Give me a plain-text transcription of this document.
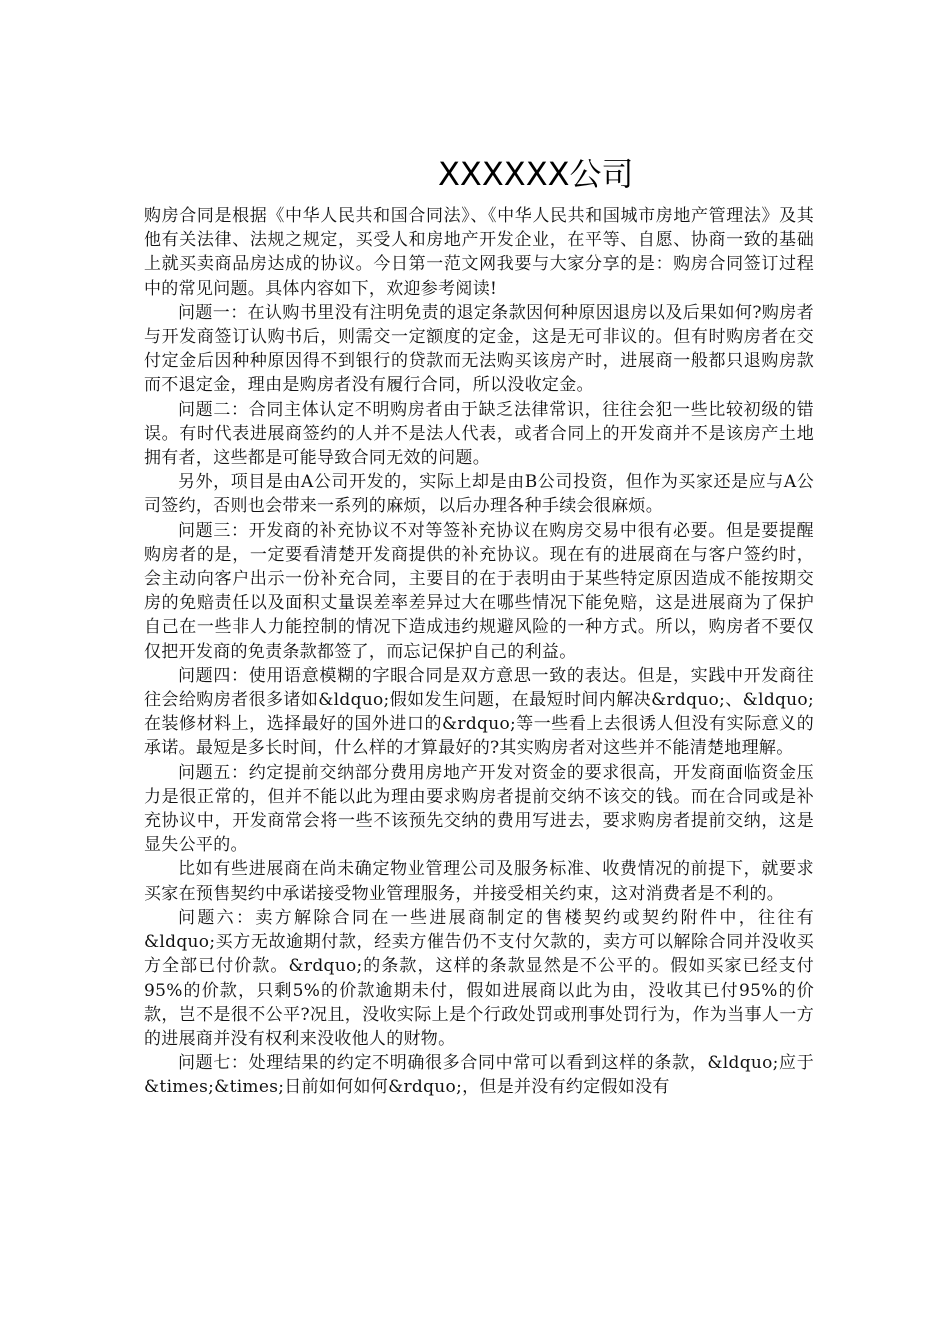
XXXXXX公司

购房合同是根据《中华人民共和国合同法》、《中华人民共和国城市房地产管理法》及其他有关法律、法规之规定，买受人和房地产开发企业，在平等、自愿、协商一致的基础上就买卖商品房达成的协议。今日第一范文网我要与大家分享的是：购房合同签订过程中的常见问题。具体内容如下，欢迎参考阅读!

问题一：在认购书里没有注明免责的退定条款因何种原因退房以及后果如何?购房者与开发商签订认购书后，则需交一定额度的定金，这是无可非议的。但有时购房者在交付定金后因种种原因得不到银行的贷款而无法购买该房产时，进展商一般都只退购房款而不退定金，理由是购房者没有履行合同，所以没收定金。

问题二：合同主体认定不明购房者由于缺乏法律常识，往往会犯一些比较初级的错误。有时代表进展商签约的人并不是法人代表，或者合同上的开发商并不是该房产土地拥有者，这些都是可能导致合同无效的问题。

另外，项目是由A公司开发的，实际上却是由B公司投资，但作为买家还是应与A公司签约，否则也会带来一系列的麻烦，以后办理各种手续会很麻烦。

问题三：开发商的补充协议不对等签补充协议在购房交易中很有必要。但是要提醒购房者的是，一定要看清楚开发商提供的补充协议。现在有的进展商在与客户签约时，会主动向客户出示一份补充合同，主要目的在于表明由于某些特定原因造成不能按期交房的免赔责任以及面积丈量误差率差异过大在哪些情况下能免赔，这是进展商为了保护自己在一些非人力能控制的情况下造成违约规避风险的一种方式。所以，购房者不要仅仅把开发商的免责条款都签了，而忘记保护自己的利益。

问题四：使用语意模糊的字眼合同是双方意思一致的表达。但是，实践中开发商往往会给购房者很多诸如&ldquo;假如发生问题，在最短时间内解决&rdquo;、&ldquo;在装修材料上，选择最好的国外进口的&rdquo;等一些看上去很诱人但没有实际意义的承诺。最短是多长时间，什么样的才算最好的?其实购房者对这些并不能清楚地理解。

问题五：约定提前交纳部分费用房地产开发对资金的要求很高，开发商面临资金压力是很正常的，但并不能以此为理由要求购房者提前交纳不该交的钱。而在合同或是补充协议中，开发商常会将一些不该预先交纳的费用写进去，要求购房者提前交纳，这是显失公平的。

比如有些进展商在尚未确定物业管理公司及服务标准、收费情况的前提下，就要求买家在预售契约中承诺接受物业管理服务，并接受相关约束，这对消费者是不利的。

问题六：卖方解除合同在一些进展商制定的售楼契约或契约附件中，往往有&ldquo;买方无故逾期付款，经卖方催告仍不支付欠款的，卖方可以解除合同并没收买方全部已付价款。&rdquo;的条款，这样的条款显然是不公平的。假如买家已经支付95%的价款，只剩5%的价款逾期未付，假如进展商以此为由，没收其已付95%的价款，岂不是很不公平?况且，没收实际上是个行政处罚或刑事处罚行为，作为当事人一方的进展商并没有权利来没收他人的财物。

问题七：处理结果的约定不明确很多合同中常可以看到这样的条款，&ldquo;应于&times;&times;日前如何如何&rdquo;，但是并没有约定假如没有
